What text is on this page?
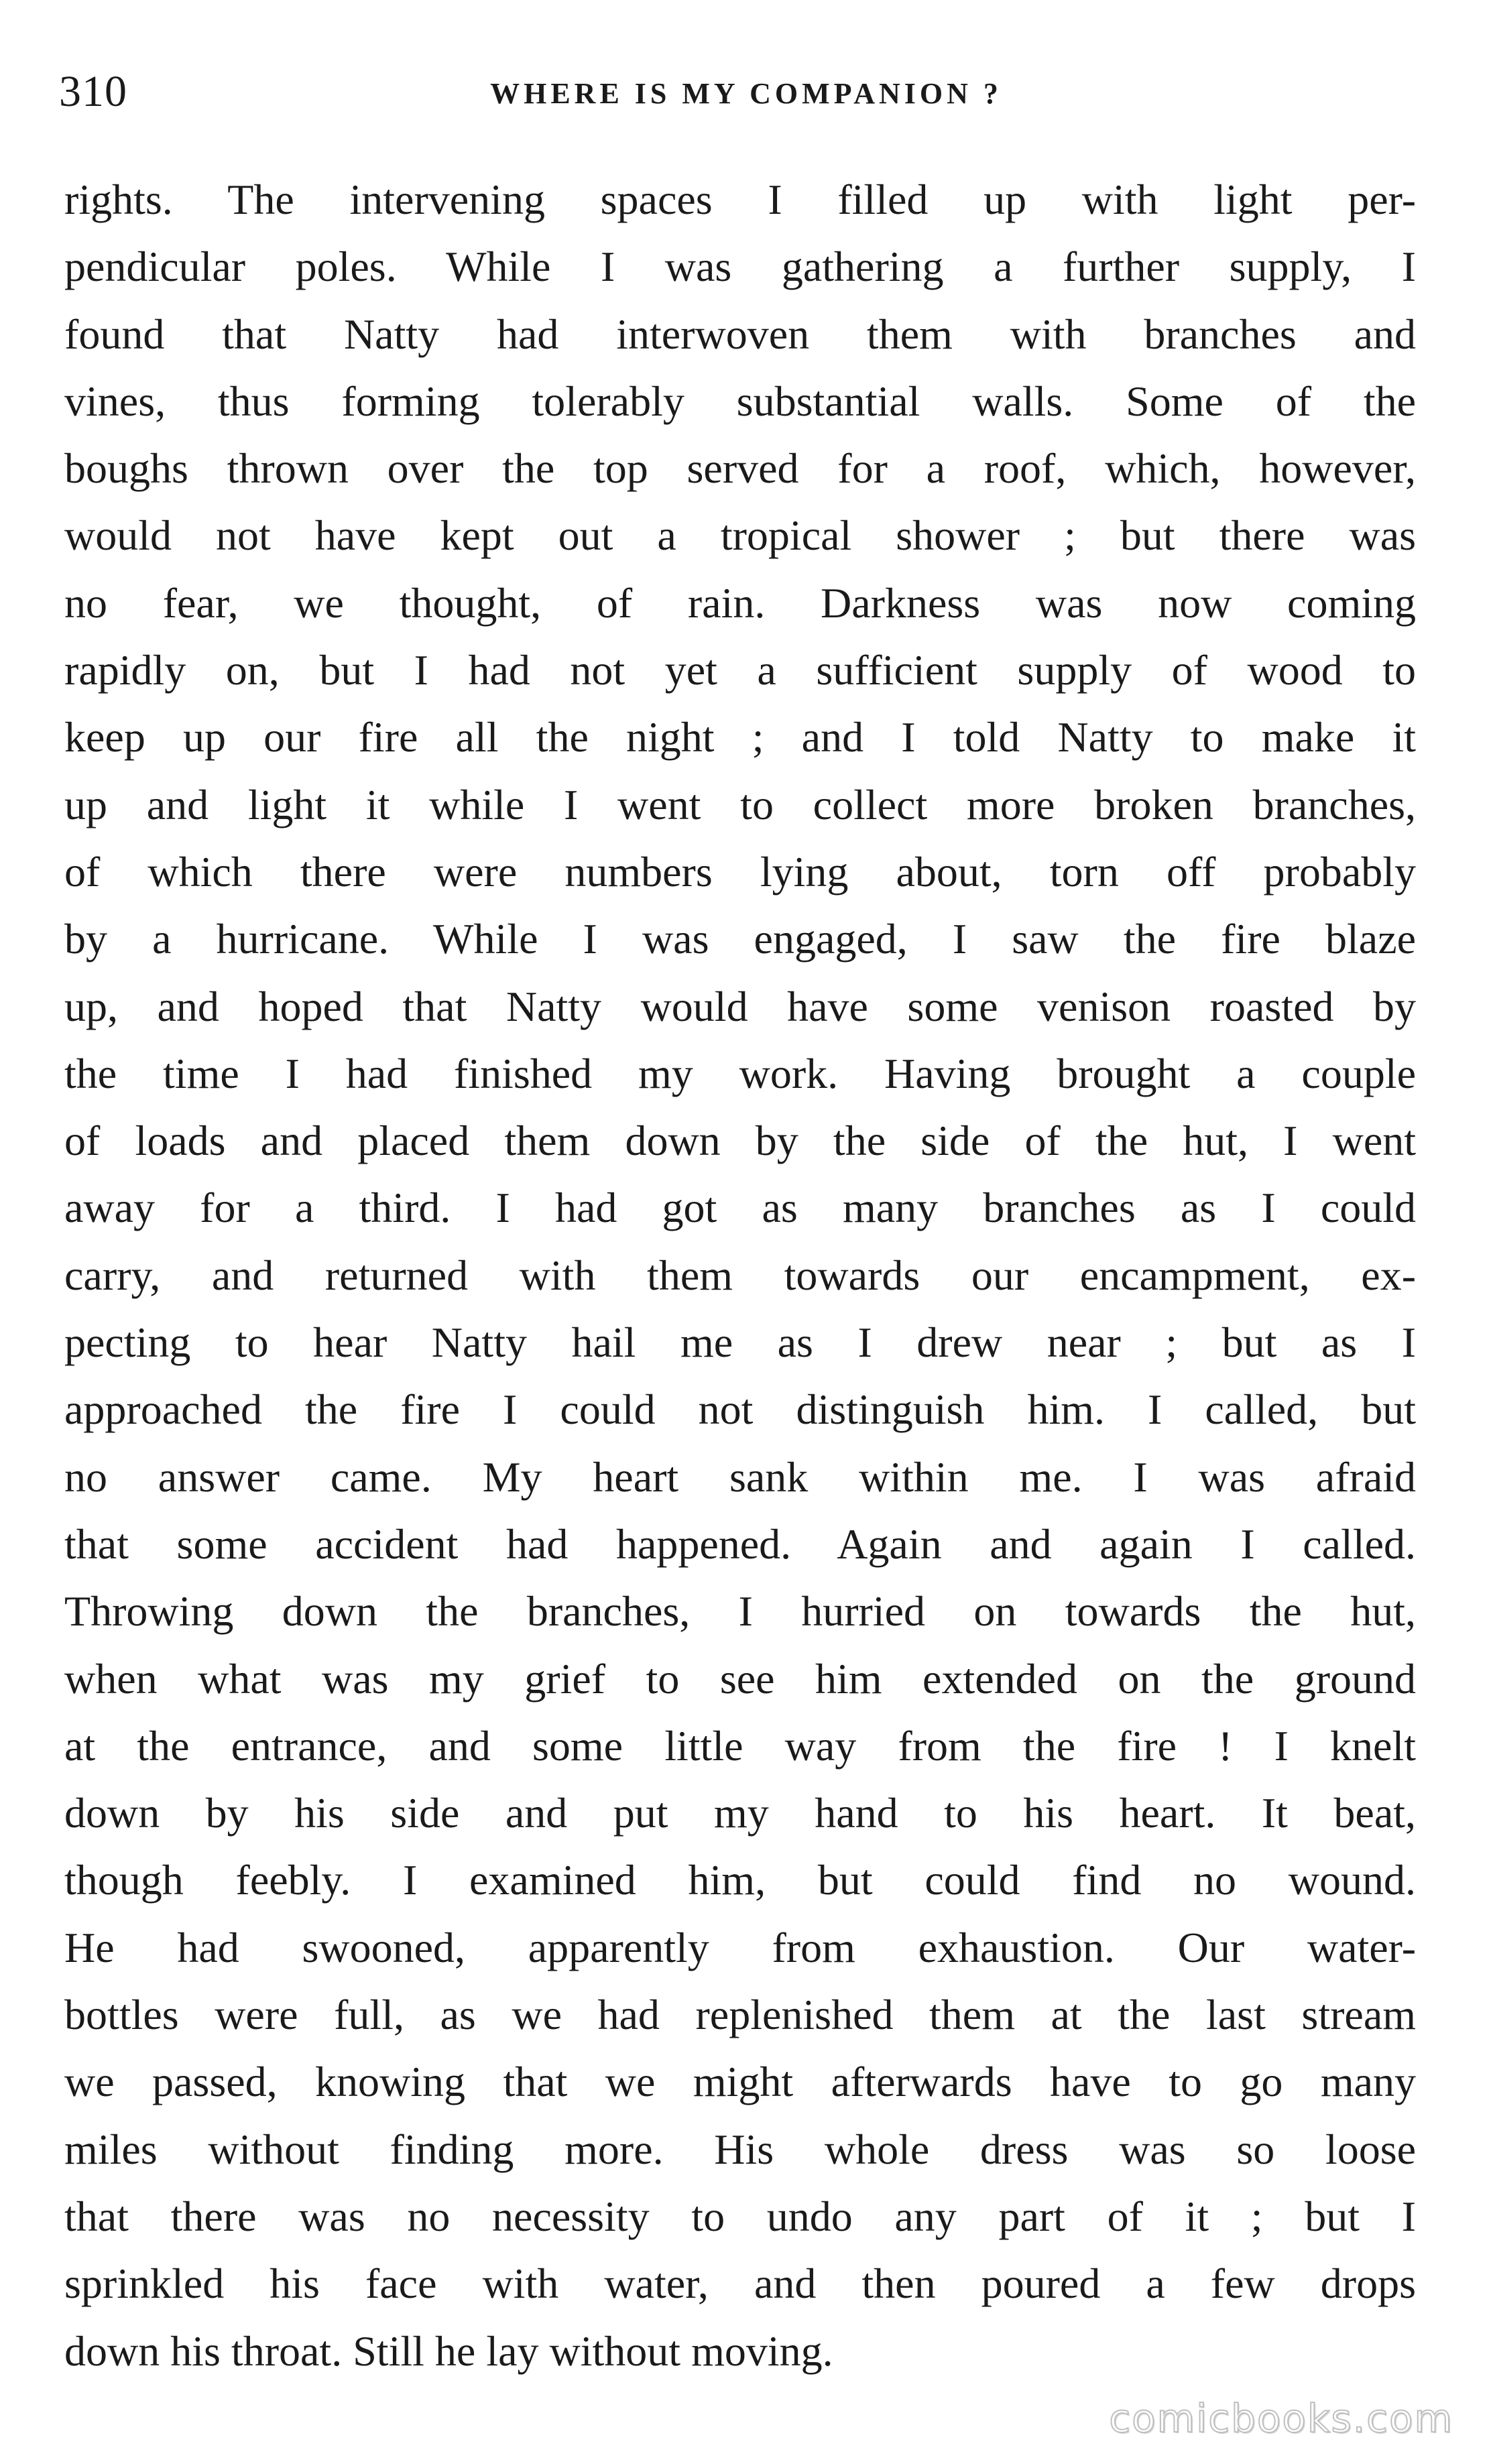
310	WHERE IS MY COMPANION ?
rights. The intervening spaces I filled up with light per-
pendicular poles. While I was gathering a further supply, I
found that Natty had interwoven them with branches and
vines, thus forming tolerably substantial walls. Some of the
boughs thrown over the top served for a roof, which, however,
would not have kept out a tropical shower ; but there was
no fear, we thought, of rain. Darkness was now coming
rapidly on, but I had not yet a sufficient supply of wood to
keep up our fire all the night ; and I told Natty to make it
up and light it while I went to collect more broken branches,
of which there were numbers lying about, torn off probably
by a hurricane. While I was engaged, I saw the fire blaze
up, and hoped that Natty would have some venison roasted by
the time I had finished my work. Having brought a couple
of loads and placed them down by the side of the hut, I went
away for a third. I had got as many branches as I could
carry, and returned with them towards our encampment, ex-
pecting to hear Natty hail me as I drew near ; but as I
approached the fire I could not distinguish him. I called, but
no answer came. My heart sank within me. I was afraid
that some accident had happened. Again and again I called.
Throwing down the branches, I hurried on towards the hut,
when what was my grief to see him extended on the ground
at the entrance, and some little way from the fire ! I knelt
down by his side and put my hand to his heart. It beat,
though feebly. I examined him, but could find no wound.
He had swooned, apparently from exhaustion. Our water-
bottles were full, as we had replenished them at the last stream
we passed, knowing that we might afterwards have to go many
miles without finding more. His whole dress was so loose
that there was no necessity to undo any part of it ; but I
sprinkled his face with water, and then poured a few drops
down his throat. Still he lay without moving.
comicbooks.com
